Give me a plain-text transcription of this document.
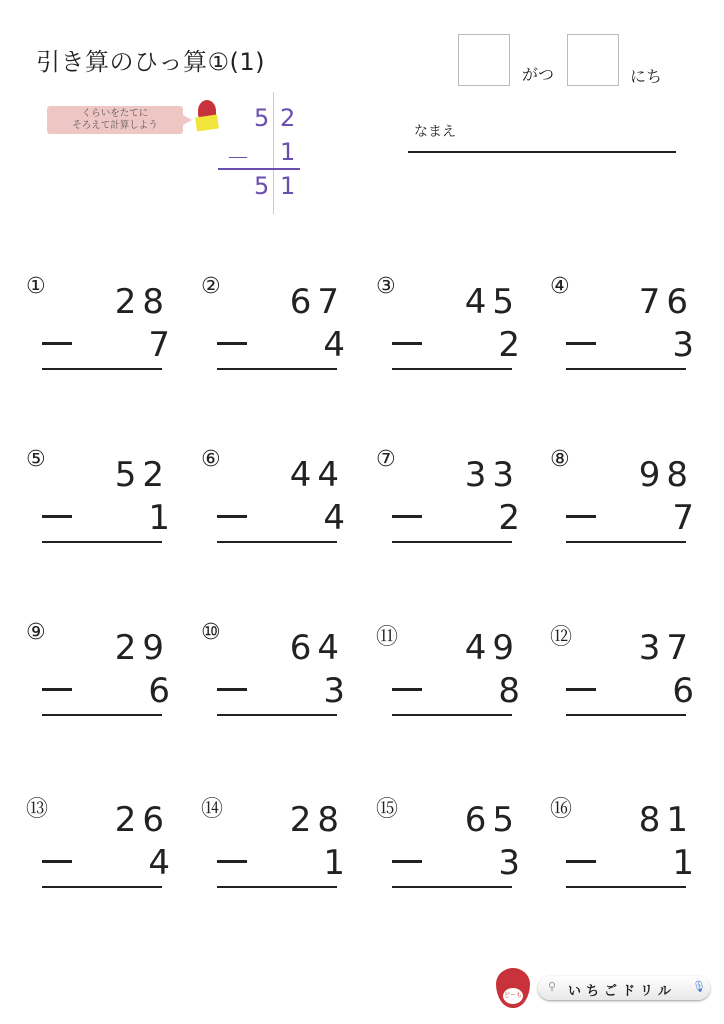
引き算のひっ算①(1)	がつ	にち
なまえ
くらいをたてに
そろえて計算しよう	5 2
－ 1
5 1
① 28
7
② 67
4
③ 45
2
④ 76
3
⑤ 52
1
⑥ 44
4
⑦ 33
2
⑧ 98
7
⑨ 29
6
⑩ 64
3
⑪ 49
8
⑫ 37
6
⑬ 26
4
⑭ 28
1
⑮ 65
3
⑯ 81
1
どーも
⚲ いちごドリル 🎙
